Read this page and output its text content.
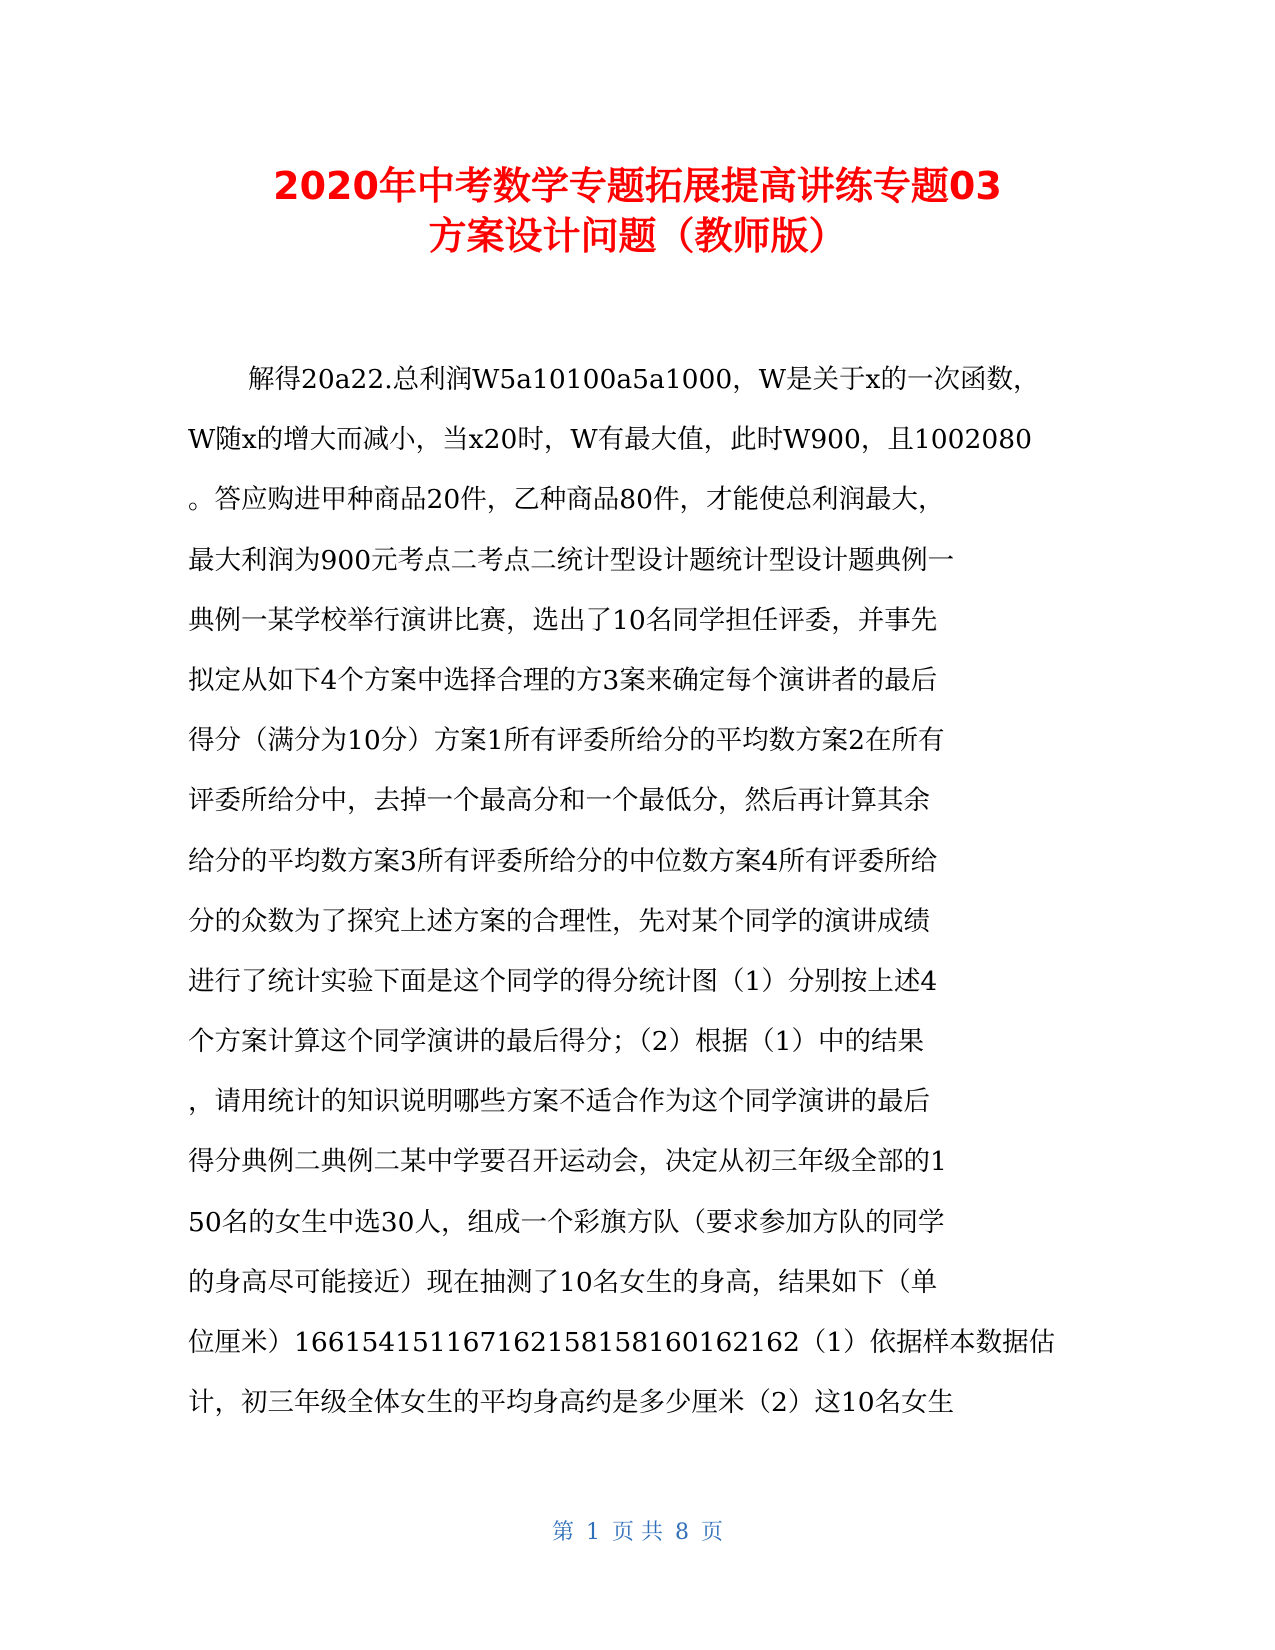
2020年中考数学专题拓展提高讲练专题03
方案设计问题（教师版）
解得20a22.总利润W5a10100a5a1000，W是关于x的一次函数，
W随x的增大而减小，当x20时，W有最大值，此时W900，且1002080
。答应购进甲种商品20件，乙种商品80件，才能使总利润最大，
最大利润为900元考点二考点二统计型设计题统计型设计题典例一
典例一某学校举行演讲比赛，选出了10名同学担任评委，并事先
拟定从如下4个方案中选择合理的方3案来确定每个演讲者的最后
得分（满分为10分）方案1所有评委所给分的平均数方案2在所有
评委所给分中，去掉一个最高分和一个最低分，然后再计算其余
给分的平均数方案3所有评委所给分的中位数方案4所有评委所给
分的众数为了探究上述方案的合理性，先对某个同学的演讲成绩
进行了统计实验下面是这个同学的得分统计图（1）分别按上述4
个方案计算这个同学演讲的最后得分；（2）根据（1）中的结果
，请用统计的知识说明哪些方案不适合作为这个同学演讲的最后
得分典例二典例二某中学要召开运动会，决定从初三年级全部的1
50名的女生中选30人，组成一个彩旗方队（要求参加方队的同学
的身高尽可能接近）现在抽测了10名女生的身高，结果如下（单
位厘米）1661541511671621581581601621​62（1）依据样本数据估
计，初三年级全体女生的平均身高约是多少厘米（2）这10名女生
第 1 页 共 8 页
